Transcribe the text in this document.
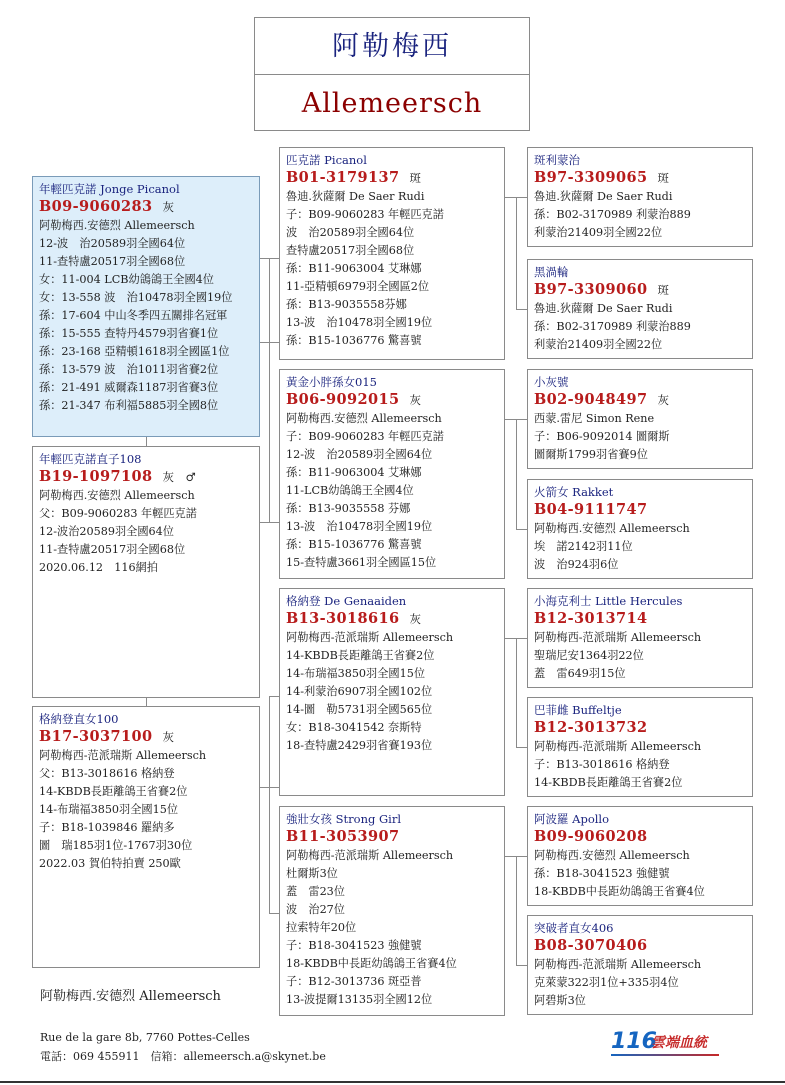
阿勒梅西
Allemeersch
年輕匹克諾 Jonge Picanol
B09-9060283 灰
阿勒梅西.安德烈 Allemeersch
12-波　治20589羽全國64位
11-查特盧20517羽全國68位
女：11-004 LCB幼鴿鴿王全國4位
女：13-558 波　治10478羽全國19位
孫：17-604 中山冬季四五關排名冠軍
孫：15-555 查特丹4579羽省賽1位
孫：23-168 亞精頓1618羽全國區1位
孫：13-579 波　治1011羽省賽2位
孫：21-491 威爾森1187羽省賽3位
孫：21-347 布利福5885羽全國8位
年輕匹克諾直子108
B19-1097108 灰　♂
阿勒梅西.安德烈 Allemeersch
父：B09-9060283 年輕匹克諾
12-波治20589羽全國64位
11-查特盧20517羽全國68位
2020.06.12　116網拍
格納登直女100
B17-3037100 灰
阿勒梅西-范派瑞斯 Allemeersch
父：B13-3018616 格納登
14-KBDB長距離鴿王省賽2位
14-布瑞福3850羽全國15位
子：B18-1039846 羅納多
圖　瑞185羽1位-1767羽30位
2022.03 賀伯特拍賣 250歐
匹克諾 Picanol
B01-3179137 斑
魯迪.狄薩爾 De Saer Rudi
子：B09-9060283 年輕匹克諾
波　治20589羽全國64位
查特盧20517羽全國68位
孫：B11-9063004 艾琳娜
11-亞精頓6979羽全國區2位
孫：B13-9035558芬娜
13-波　治10478羽全國19位
孫：B15-1036776 驚喜號
黃金小胖孫女015
B06-9092015 灰
阿勒梅西.安德烈 Allemeersch
子：B09-9060283 年輕匹克諾
12-波　治20589羽全國64位
孫：B11-9063004 艾琳娜
11-LCB幼鴿鴿王全國4位
孫：B13-9035558 芬娜
13-波　治10478羽全國19位
孫：B15-1036776 驚喜號
15-查特盧3661羽全國區15位
格納登 De Genaaiden
B13-3018616 灰
阿勒梅西-范派瑞斯 Allemeersch
14-KBDB長距離鴿王省賽2位
14-布瑞福3850羽全國15位
14-利蒙治6907羽全國102位
14-圖　勒5731羽全國565位
女：B18-3041542 奈斯特
18-查特盧2429羽省賽193位
強壯女孩 Strong Girl
B11-3053907
阿勒梅西-范派瑞斯 Allemeersch
杜爾斯3位
蓋　雷23位
波　治27位
拉索特年20位
子：B18-3041523 強健號
18-KBDB中長距幼鴿鴿王省賽4位
子：B12-3013736 斑亞普
13-波提爾13135羽全國12位
斑利蒙治
B97-3309065 斑
魯迪.狄薩爾 De Saer Rudi
孫：B02-3170989 利蒙治889
利蒙治21409羽全國22位
黑渦輪
B97-3309060 斑
魯迪.狄薩爾 De Saer Rudi
孫：B02-3170989 利蒙治889
利蒙治21409羽全國22位
小灰號
B02-9048497 灰
西蒙.雷尼 Simon Rene
子：B06-9092014 圖爾斯
圖爾斯1799羽省賽9位
火箭女 Rakket
B04-9111747
阿勒梅西.安德烈 Allemeersch
埃　諾2142羽11位
波　治924羽6位
小海克利士 Little Hercules
B12-3013714
阿勒梅西-范派瑞斯 Allemeersch
聖瑞尼安1364羽22位
蓋　雷649羽15位
巴菲雌 Buffeltje
B12-3013732
阿勒梅西-范派瑞斯 Allemeersch
子：B13-3018616 格納登
14-KBDB長距離鴿王省賽2位
阿波羅 Apollo
B09-9060208
阿勒梅西.安德烈 Allemeersch
孫：B18-3041523 強健號
18-KBDB中長距幼鴿鴿王省賽4位
突破者直女406
B08-3070406
阿勒梅西-范派瑞斯 Allemeersch
克萊蒙322羽1位+335羽4位
阿碧斯3位
阿勒梅西.安德烈 Allemeersch
Rue de la gare 8b, 7760 Pottes-Celles
電話：069 455911　信箱：allemeersch.a@skynet.be
116
雲端血統
